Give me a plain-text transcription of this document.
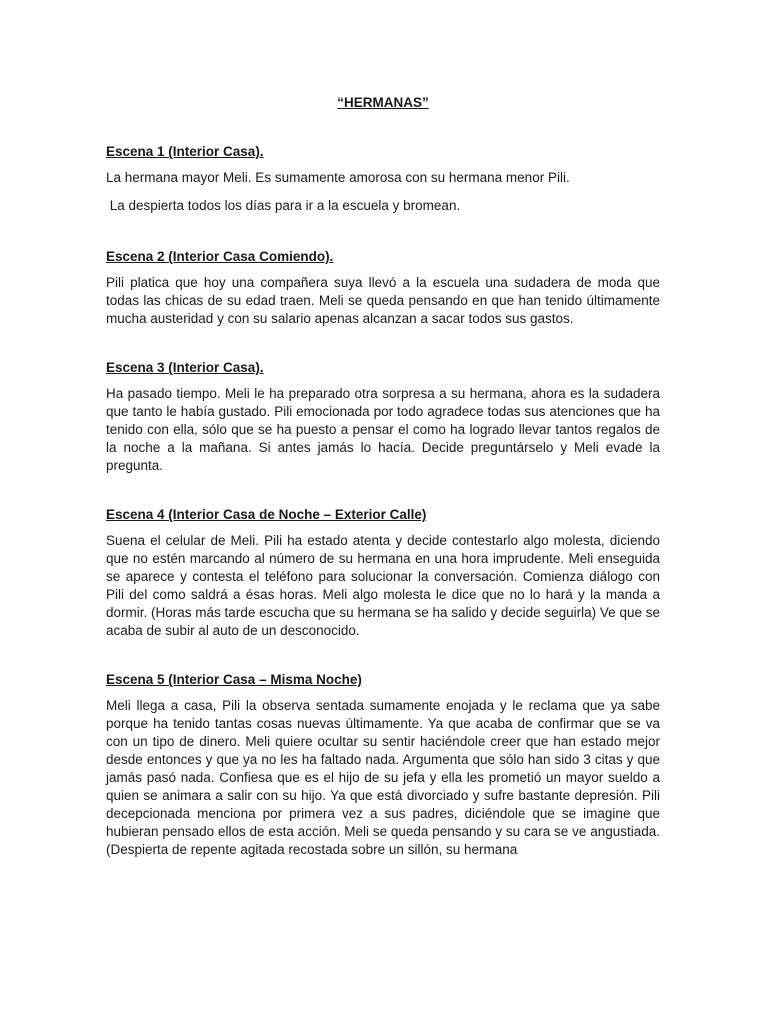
“HERMANAS”
Escena 1 (Interior Casa).

La hermana mayor Meli. Es sumamente amorosa con su hermana menor Pili.

La despierta todos los días para ir a la escuela y bromean.

Escena 2 (Interior Casa Comiendo).

Pili platica que hoy una compañera suya llevó a la escuela una sudadera de moda que todas las chicas de su edad traen. Meli se queda pensando en que han tenido últimamente mucha austeridad y con su salario apenas alcanzan a sacar todos sus gastos.

Escena 3 (Interior Casa).

Ha pasado tiempo. Meli le ha preparado otra sorpresa a su hermana, ahora es la sudadera que tanto le había gustado. Pili emocionada por todo agradece todas sus atenciones que ha tenido con ella, sólo que se ha puesto a pensar el como ha logrado llevar tantos regalos de la noche a la mañana. Si antes jamás lo hacía. Decide preguntárselo y Meli evade la pregunta.

Escena 4 (Interior Casa de Noche – Exterior Calle)

Suena el celular de Meli. Pili ha estado atenta y decide contestarlo algo molesta, diciendo que no estén marcando al número de su hermana en una hora imprudente. Meli enseguida se aparece y contesta el teléfono para solucionar la conversación. Comienza diálogo con Pili del como saldrá a ésas horas. Meli algo molesta le dice que no lo hará y la manda a dormir. (Horas más tarde escucha que su hermana se ha salido y decide seguirla) Ve que se acaba de subir al auto de un desconocido.

Escena 5 (Interior Casa – Misma Noche)

Meli llega a casa, Pili la observa sentada sumamente enojada y le reclama que ya sabe porque ha tenido tantas cosas nuevas últimamente. Ya que acaba de confirmar que se va con un tipo de dinero. Meli quiere ocultar su sentir haciéndole creer que han estado mejor desde entonces y que ya no les ha faltado nada. Argumenta que sólo han sido 3 citas y que jamás pasó nada. Confiesa que es el hijo de su jefa y ella les prometió un mayor sueldo a quien se animara a salir con su hijo. Ya que está divorciado y sufre bastante depresión. Pili decepcionada menciona por primera vez a sus padres, diciéndole que se imagine que hubieran pensado ellos de esta acción. Meli se queda pensando y su cara se ve angustiada. (Despierta de repente agitada recostada sobre un sillón, su hermana
